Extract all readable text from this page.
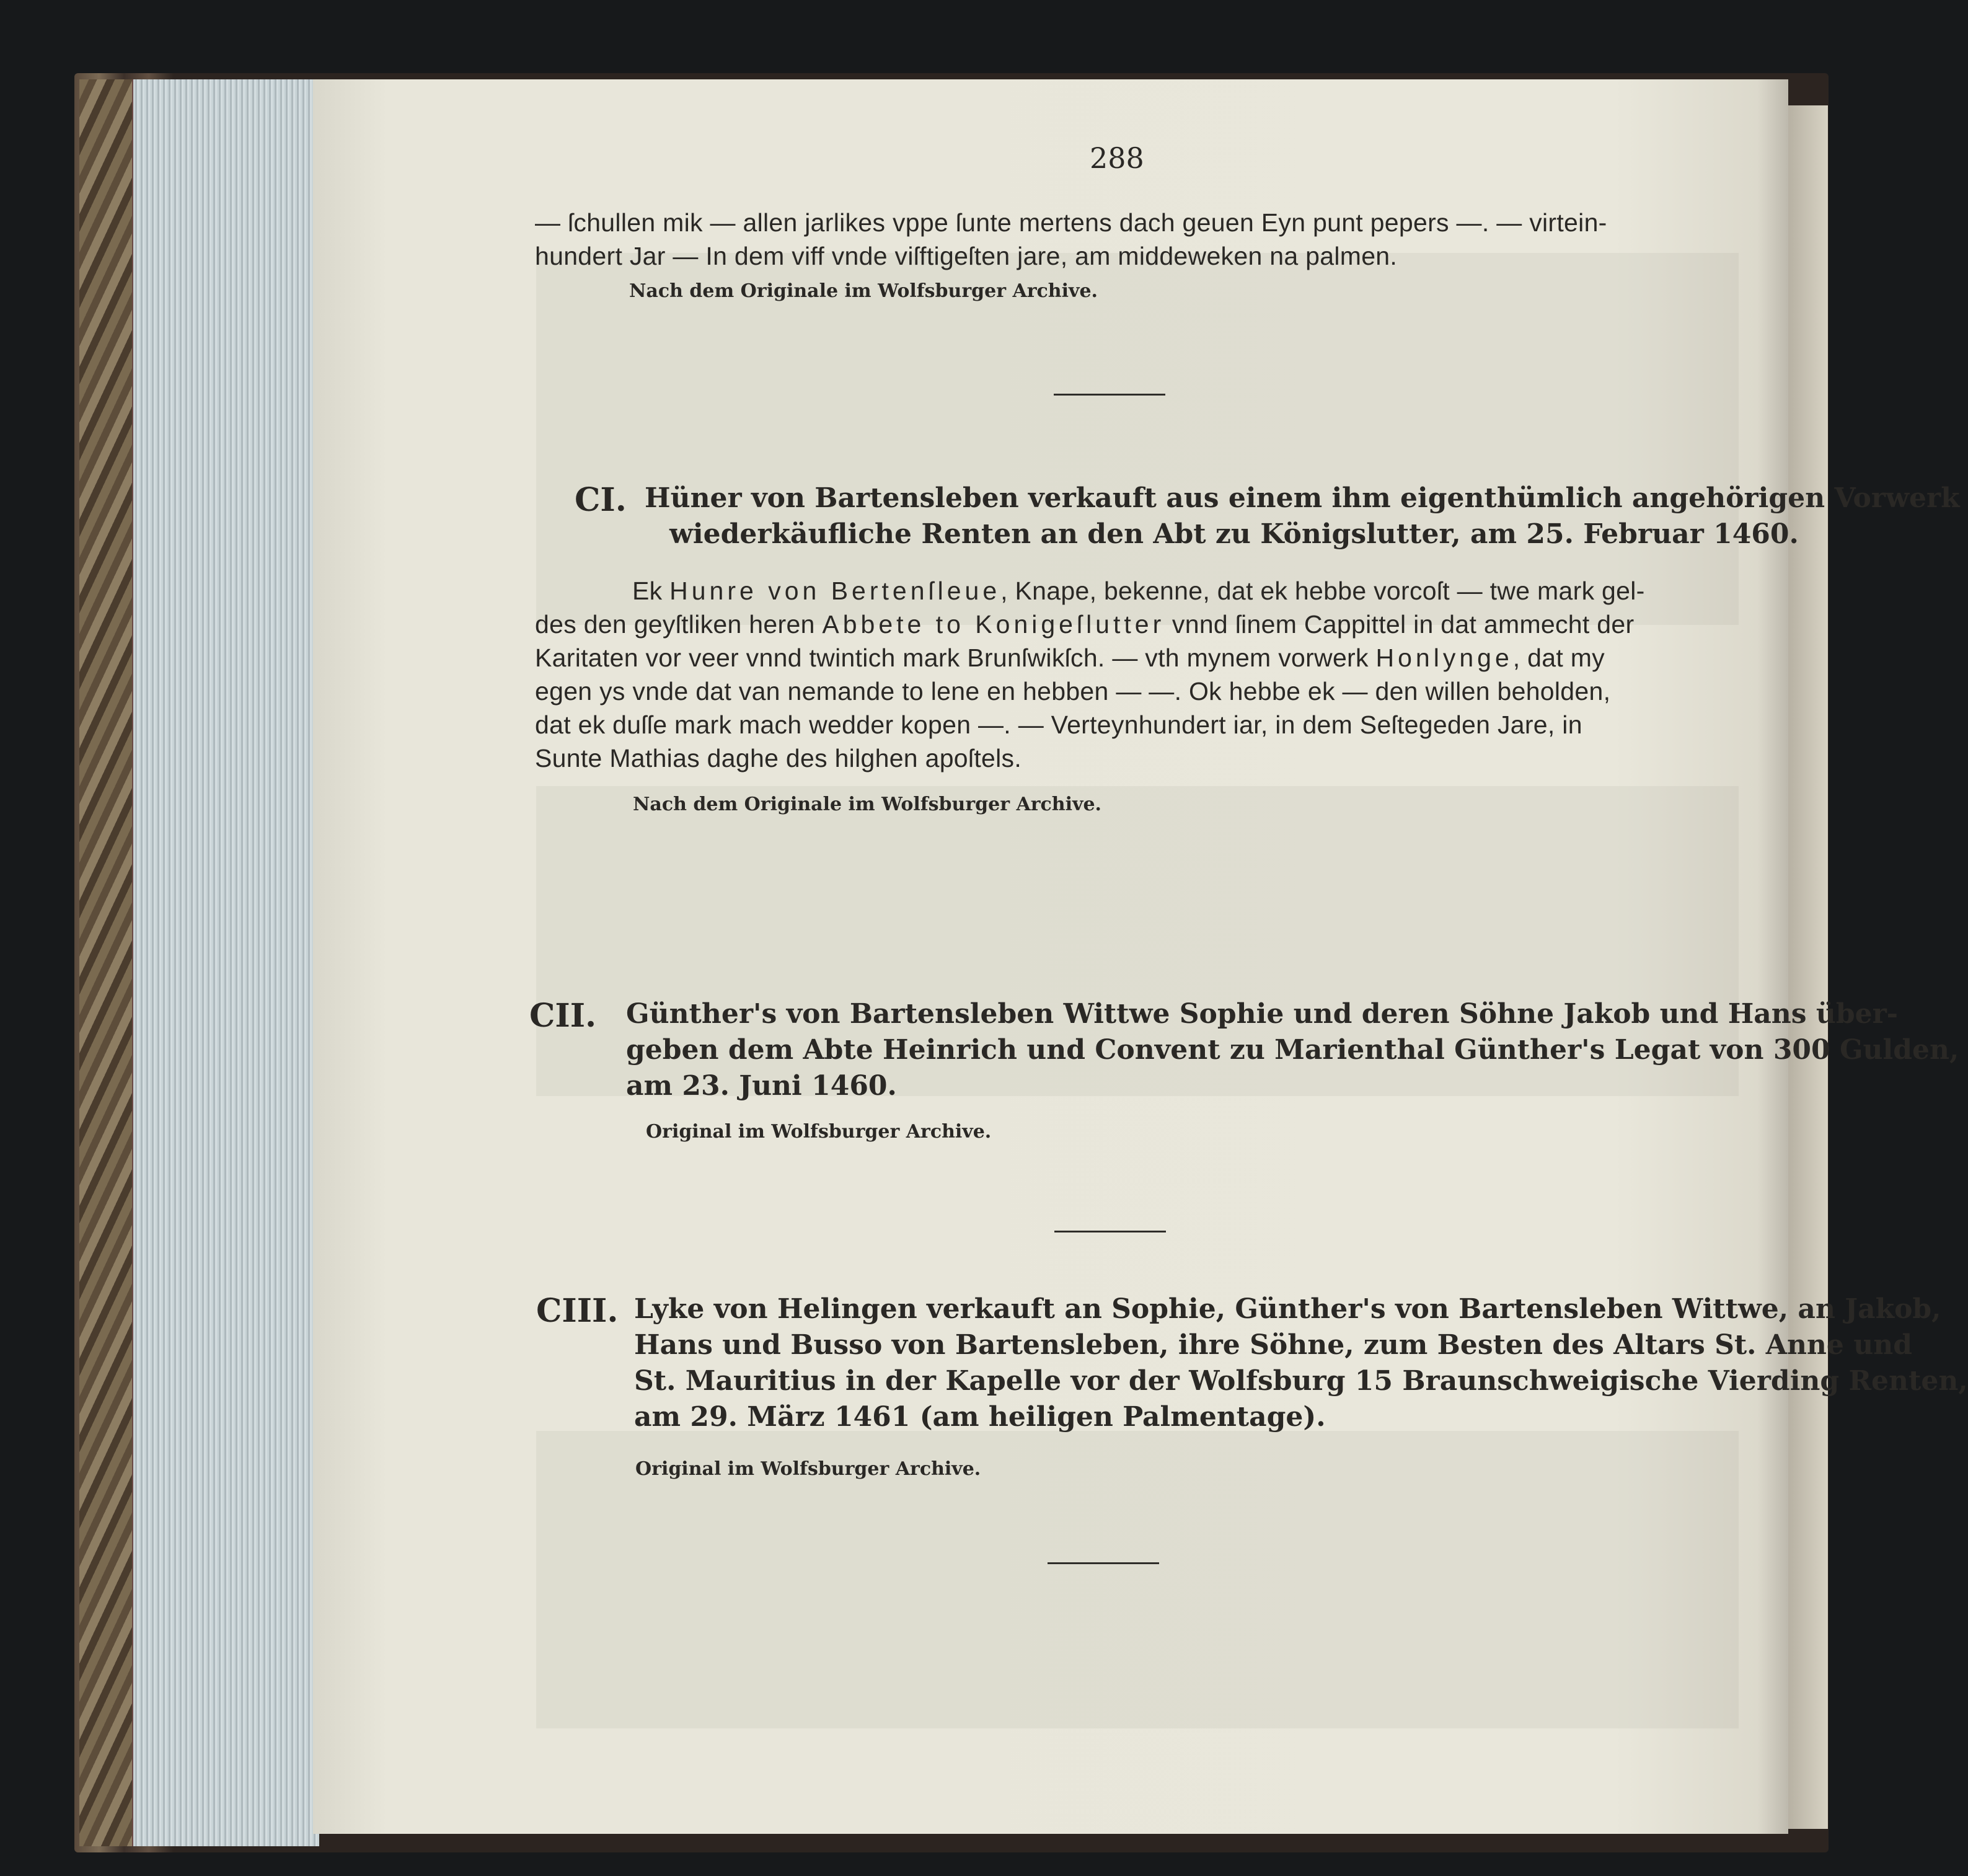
288
— ſchullen mik — allen jarlikes vppe ſunte mertens dach geuen Eyn punt pepers —. — virtein-
hundert Jar — In dem viff vnde viſftigeſten jare, am middeweken na palmen.
Nach dem Originale im Wolfsburger Archive.
CI. Hüner von Bartensleben verkauft aus einem ihm eigenthümlich angehörigen Vorwerk
wiederkäufliche Renten an den Abt zu Königslutter, am 25. Februar 1460.
Ek Hunre von Bertenſleue, Knape, bekenne, dat ek hebbe vorcoſt — twe mark gel-
des den geyſtliken heren Abbete to Konigeſlutter vnnd ſinem Cappittel in dat ammecht der
Karitaten vor veer vnnd twintich mark Brunſwikſch. — vth mynem vorwerk Honlynge, dat my
egen ys vnde dat van nemande to lene en hebben — —. Ok hebbe ek — den willen beholden,
dat ek duſſe mark mach wedder kopen —. — Verteynhundert iar, in dem Seſtegeden Jare, in
Sunte Mathias daghe des hilghen apoſtels.
Nach dem Originale im Wolfsburger Archive.
CII. Günther's von Bartensleben Wittwe Sophie und deren Söhne Jakob und Hans über-
geben dem Abte Heinrich und Convent zu Marienthal Günther's Legat von 300 Gulden,
am 23. Juni 1460.
Original im Wolfsburger Archive.
CIII. Lyke von Helingen verkauft an Sophie, Günther's von Bartensleben Wittwe, an Jakob,
Hans und Busso von Bartensleben, ihre Söhne, zum Besten des Altars St. Anne und
St. Mauritius in der Kapelle vor der Wolfsburg 15 Braunschweigische Vierding Renten,
am 29. März 1461 (am heiligen Palmentage).
Original im Wolfsburger Archive.
